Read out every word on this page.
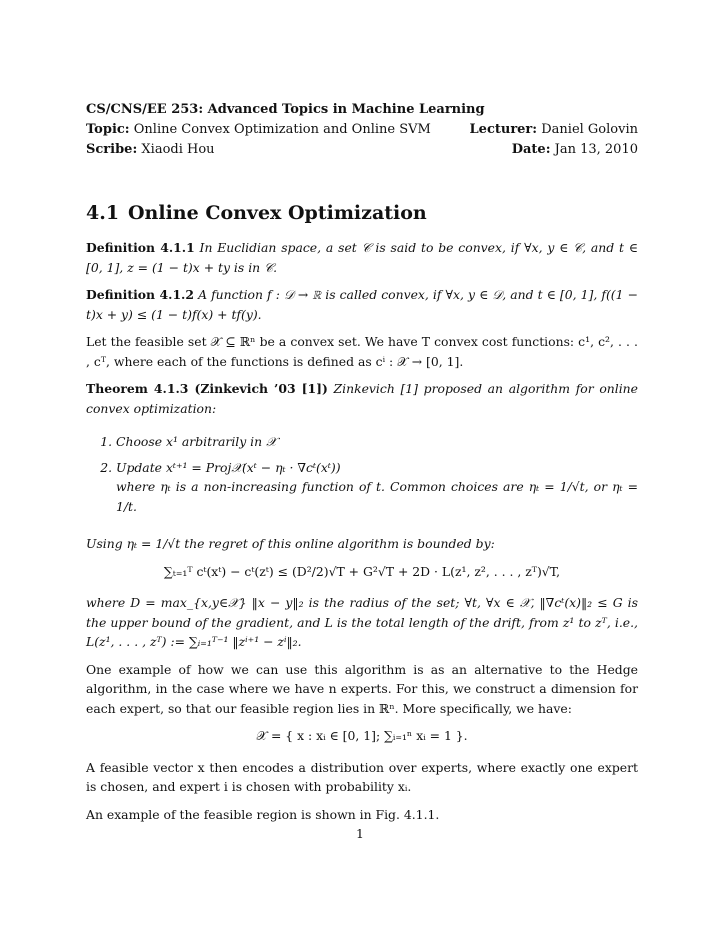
CS/CNS/EE 253: Advanced Topics in Machine Learning
Topic: Online Convex Optimization and Online SVM	Lecturer: Daniel Golovin
Scribe: Xiaodi Hou	Date: Jan 13, 2010
4.1 Online Convex Optimization

Definition 4.1.1 In Euclidian space, a set 𝒞 is said to be convex, if ∀x, y ∈ 𝒞, and t ∈ [0, 1], z = (1 − t)x + ty is in 𝒞.

Definition 4.1.2 A function f : 𝒟 → ℝ is called convex, if ∀x, y ∈ 𝒟, and t ∈ [0, 1], f((1 − t)x + y) ≤ (1 − t)f(x) + tf(y).

Let the feasible set 𝒳 ⊆ ℝⁿ be a convex set. We have T convex cost functions: c¹, c², . . . , cᵀ, where each of the functions is defined as cⁱ : 𝒳 → [0, 1].

Theorem 4.1.3 (Zinkevich ’03 [1]) Zinkevich [1] proposed an algorithm for online convex optimization:

1. Choose x¹ arbitrarily in 𝒳
2. Update xᵗ⁺¹ = Proj𝒳(xᵗ − ηₜ · ∇cᵗ(xᵗ))
where ηₜ is a non-increasing function of t. Common choices are ηₜ = 1/√t, or ηₜ = 1/t.

Using ηₜ = 1/√t the regret of this online algorithm is bounded by:

∑ₜ₌₁ᵀ cᵗ(xᵗ) − cᵗ(zᵗ) ≤ (D²/2)√T + G²√T + 2D · L(z¹, z², . . . , zᵀ)√T,

where D = max_{x,y∈𝒳} ‖x − y‖₂ is the radius of the set; ∀t, ∀x ∈ 𝒳, ‖∇cᵗ(x)‖₂ ≤ G is the upper bound of the gradient, and L is the total length of the drift, from z¹ to zᵀ, i.e., L(z¹, . . . , zᵀ) := ∑ᵢ₌₁ᵀ⁻¹ ‖zⁱ⁺¹ − zⁱ‖₂.

One example of how we can use this algorithm is as an alternative to the Hedge algorithm, in the case where we have n experts. For this, we construct a dimension for each expert, so that our feasible region lies in ℝⁿ. More specifically, we have:

𝒳 = { x : xᵢ ∈ [0, 1]; ∑ᵢ₌₁ⁿ xᵢ = 1 }.

A feasible vector x then encodes a distribution over experts, where exactly one expert is chosen, and expert i is chosen with probability xᵢ.

An example of the feasible region is shown in Fig. 4.1.1.

1
